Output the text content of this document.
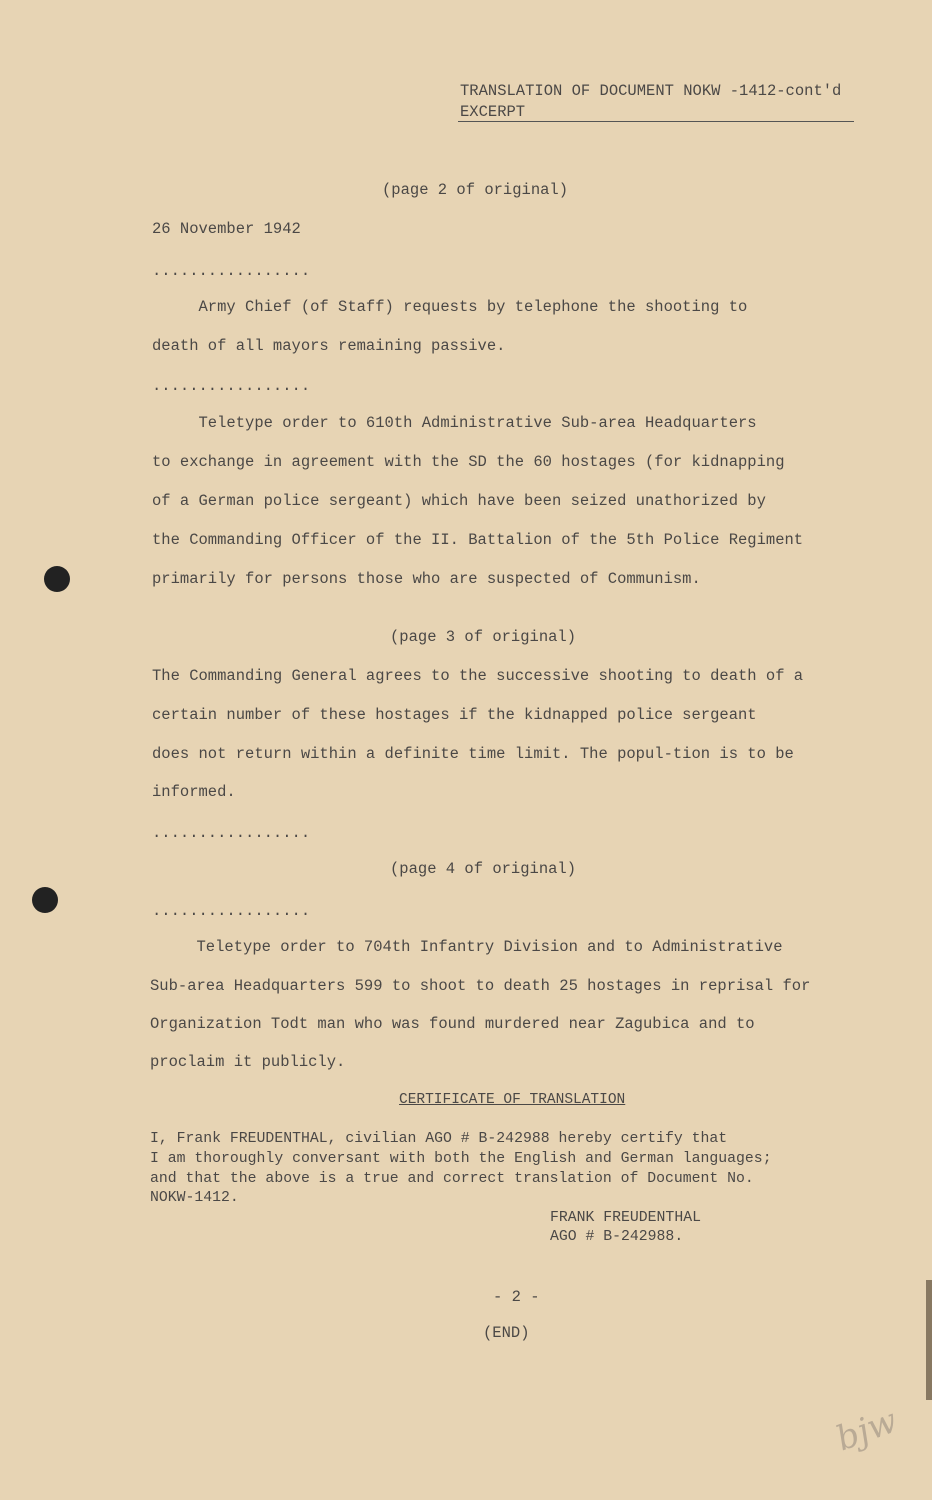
TRANSLATION OF DOCUMENT NOKW -1412-cont'd
EXCERPT
(page 2 of original)
26 November 1942
.................
Army Chief (of Staff) requests by telephone the shooting to
death of all mayors remaining passive.
.................
Teletype order to 610th Administrative Sub-area Headquarters
to exchange in agreement with the SD the 60 hostages (for kidnapping
of a German police sergeant) which have been seized unathorized by
the Commanding Officer of the II. Battalion of the 5th Police Regiment
primarily for persons those who are suspected of Communism.
(page 3 of original)
The Commanding General agrees to the successive shooting to death of a
certain number of these hostages if the kidnapped police sergeant
does not return within a definite time limit. The popul-tion is to be
informed.
.................
(page 4 of original)
.................
Teletype order to 704th Infantry Division and to Administrative
Sub-area Headquarters 599 to shoot to death 25 hostages in reprisal for
Organization Todt man who was found murdered near Zagubica and to
proclaim it publicly.
CERTIFICATE OF TRANSLATION
I, Frank FREUDENTHAL, civilian AGO # B-242988 hereby certify that
I am thoroughly conversant with both the English and German languages;
and that the above is a true and correct translation of Document No.
NOKW-1412.
FRANK FREUDENTHAL
AGO # B-242988.
- 2 -
(END)
bjw
